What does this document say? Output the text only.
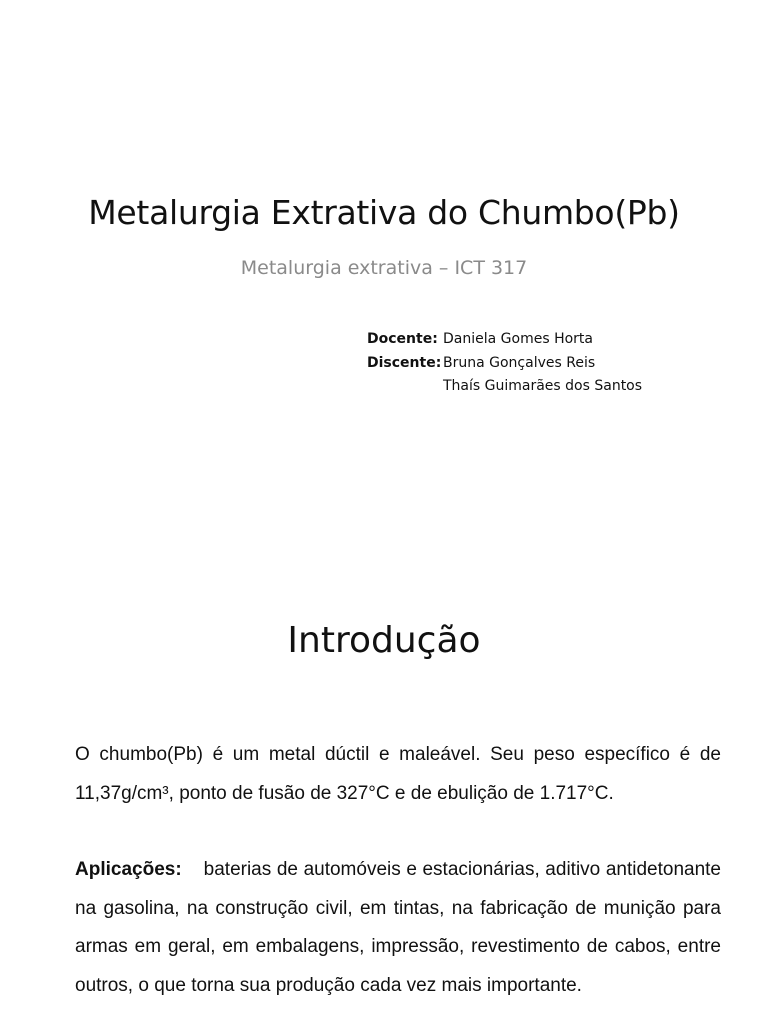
Metalurgia Extrativa do Chumbo(Pb)
Metalurgia extrativa – ICT 317
Docente: Daniela Gomes Horta
Discente: Bruna Gonçalves Reis
Thaís Guimarães dos Santos
Introdução

O chumbo(Pb) é um metal dúctil e maleável. Seu peso específico é de 11,37g/cm³, ponto de fusão de 327°C e de ebulição de 1.717°C.

Aplicações: baterias de automóveis e estacionárias, aditivo antidetonante na gasolina, na construção civil, em tintas, na fabricação de munição para armas em geral, em embalagens, impressão, revestimento de cabos, entre outros, o que torna sua produção cada vez mais importante.
